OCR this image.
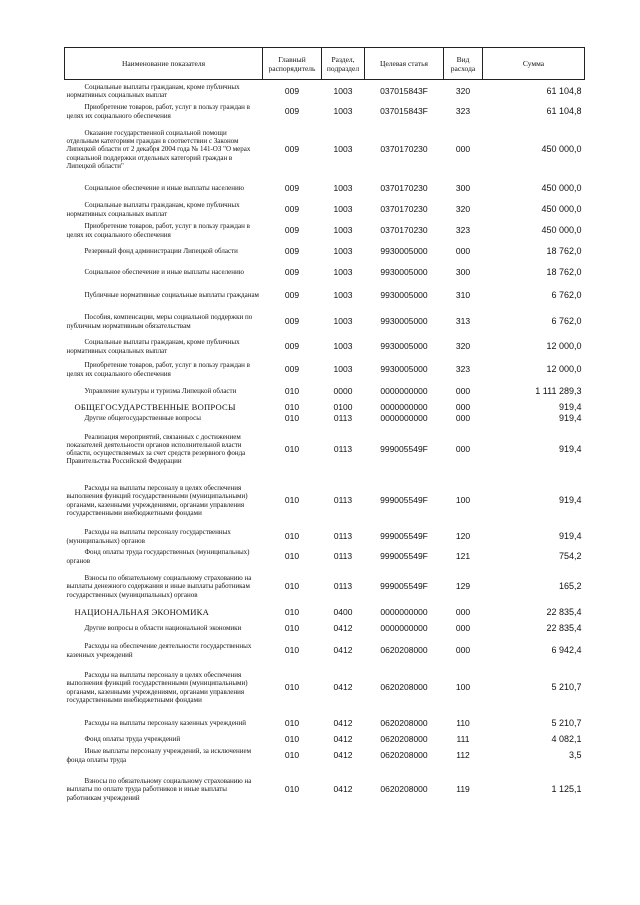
Наименование показателя	Главный распорядитель	Раздел, подраздел	Целевая статья	Вид расхода	Сумма
Социальные выплаты гражданам, кроме публичных нормативных социальных выплат	009	1003	037015843F	320	61 104,8
Приобретение товаров, работ, услуг в пользу граждан в целях их социального обеспечения	009	1003	037015843F	323	61 104,8
Оказание государственной социальной помощи отдельным категориям граждан в соответствии с Законом Липецкой области от 2 декабря 2004 года № 141-ОЗ "О мерах социальной поддержки отдельных категорий граждан в Липецкой области"	009	1003	0370170230	000	450 000,0
Социальное обеспечение и иные выплаты населению	009	1003	0370170230	300	450 000,0
Социальные выплаты гражданам, кроме публичных нормативных социальных выплат	009	1003	0370170230	320	450 000,0
Приобретение товаров, работ, услуг в пользу граждан в целях их социального обеспечения	009	1003	0370170230	323	450 000,0
Резервный фонд администрации Липецкой области	009	1003	9930005000	000	18 762,0
Социальное обеспечение и иные выплаты населению	009	1003	9930005000	300	18 762,0
Публичные нормативные социальные выплаты гражданам	009	1003	9930005000	310	6 762,0
Пособия, компенсации, меры социальной поддержки по публичным нормативным обязательствам	009	1003	9930005000	313	6 762,0
Социальные выплаты гражданам, кроме публичных нормативных социальных выплат	009	1003	9930005000	320	12 000,0
Приобретение товаров, работ, услуг в пользу граждан в целях их социального обеспечения	009	1003	9930005000	323	12 000,0
Управление культуры и туризма Липецкой области	010	0000	0000000000	000	1 111 289,3
ОБЩЕГОСУДАРСТВЕННЫЕ ВОПРОСЫ	010	0100	0000000000	000	919,4
Другие общегосударственные вопросы	010	0113	0000000000	000	919,4
Реализация мероприятий, связанных с достижением показателей деятельности органов исполнительной власти области, осуществляемых за счет средств резервного фонда Правительства Российской Федерации	010	0113	999005549F	000	919,4
Расходы на выплаты персоналу в целях обеспечения выполнения функций государственными (муниципальными) органами, казенными учреждениями, органами управления государственными внебюджетными фондами	010	0113	999005549F	100	919,4
Расходы на выплаты персоналу государственных (муниципальных) органов	010	0113	999005549F	120	919,4
Фонд оплаты труда государственных (муниципальных) органов	010	0113	999005549F	121	754,2
Взносы по обязательному социальному страхованию на выплаты денежного содержания и иные выплаты работникам государственных (муниципальных) органов	010	0113	999005549F	129	165,2
НАЦИОНАЛЬНАЯ ЭКОНОМИКА	010	0400	0000000000	000	22 835,4
Другие вопросы в области национальной экономики	010	0412	0000000000	000	22 835,4
Расходы на обеспечение деятельности государственных казенных учреждений	010	0412	0620208000	000	6 942,4
Расходы на выплаты персоналу в целях обеспечения выполнения функций государственными (муниципальными) органами, казенными учреждениями, органами управления государственными внебюджетными фондами	010	0412	0620208000	100	5 210,7
Расходы на выплаты персоналу казенных учреждений	010	0412	0620208000	110	5 210,7
Фонд оплаты труда учреждений	010	0412	0620208000	111	4 082,1
Иные выплаты персоналу учреждений, за исключением фонда оплаты труда	010	0412	0620208000	112	3,5
Взносы по обязательному социальному страхованию на выплаты по оплате труда работников и иные выплаты работникам учреждений	010	0412	0620208000	119	1 125,1
